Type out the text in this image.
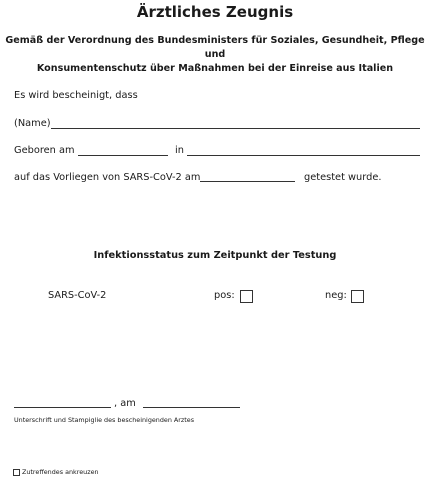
Ärztliches Zeugnis
Gemäß der Verordnung des Bundesministers für Soziales, Gesundheit, Pflege und
Konsumentenschutz über Maßnahmen bei der Einreise aus Italien
Es wird bescheinigt, dass
(Name)
Geboren am	in
auf das Vorliegen von SARS-CoV-2 am	getestet wurde.
Infektionsstatus zum Zeitpunkt der Testung
SARS-CoV-2	pos:	neg:
, am
Unterschrift und Stampiglie des bescheinigenden Arztes
Zutreffendes ankreuzen
